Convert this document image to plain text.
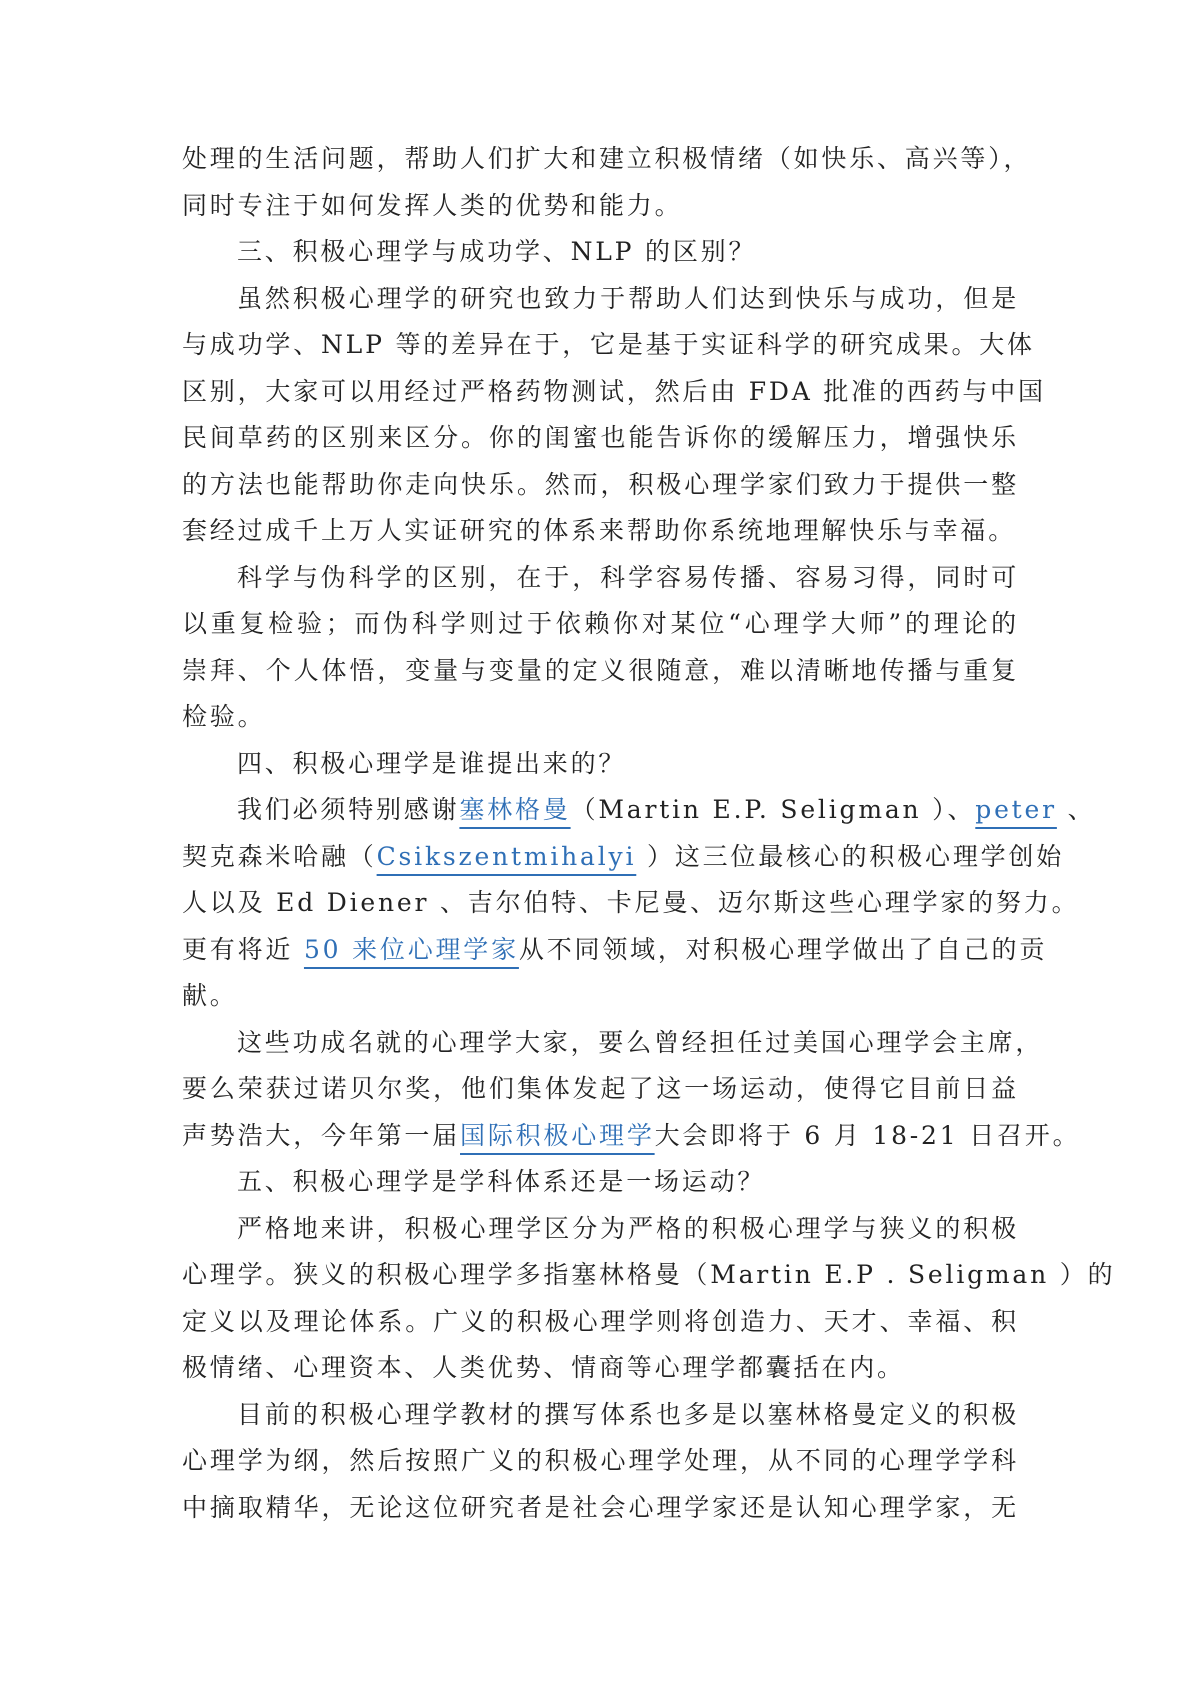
处理的生活问题，帮助人们扩大和建立积极情绪（如快乐、高兴等），
同时专注于如何发挥人类的优势和能力。
三、积极心理学与成功学、NLP 的区别？
虽然积极心理学的研究也致力于帮助人们达到快乐与成功，但是
与成功学、NLP 等的差异在于，它是基于实证科学的研究成果。大体
区别，大家可以用经过严格药物测试，然后由 FDA 批准的西药与中国
民间草药的区别来区分。你的闺蜜也能告诉你的缓解压力，增强快乐
的方法也能帮助你走向快乐。然而，积极心理学家们致力于提供一整
套经过成千上万人实证研究的体系来帮助你系统地理解快乐与幸福。
科学与伪科学的区别，在于，科学容易传播、容易习得，同时可
以重复检验；而伪科学则过于依赖你对某位“心理学大师”的理论的
崇拜、个人体悟，变量与变量的定义很随意，难以清晰地传播与重复
检验。
四、积极心理学是谁提出来的？
我们必须特别感谢塞林格曼（Martin E.P. Seligman ）、peter 、
契克森米哈融（Csikszentmihalyi ）这三位最核心的积极心理学创始
人以及 Ed Diener 、吉尔伯特、卡尼曼、迈尔斯这些心理学家的努力。
更有将近 50 来位心理学家从不同领域，对积极心理学做出了自己的贡
献。
这些功成名就的心理学大家，要么曾经担任过美国心理学会主席，
要么荣获过诺贝尔奖，他们集体发起了这一场运动，使得它目前日益
声势浩大，今年第一届国际积极心理学大会即将于 6 月 18-21 日召开。
五、积极心理学是学科体系还是一场运动？
严格地来讲，积极心理学区分为严格的积极心理学与狭义的积极
心理学。狭义的积极心理学多指塞林格曼（Martin E.P . Seligman ）的
定义以及理论体系。广义的积极心理学则将创造力、天才、幸福、积
极情绪、心理资本、人类优势、情商等心理学都囊括在内。
目前的积极心理学教材的撰写体系也多是以塞林格曼定义的积极
心理学为纲，然后按照广义的积极心理学处理，从不同的心理学学科
中摘取精华，无论这位研究者是社会心理学家还是认知心理学家，无
